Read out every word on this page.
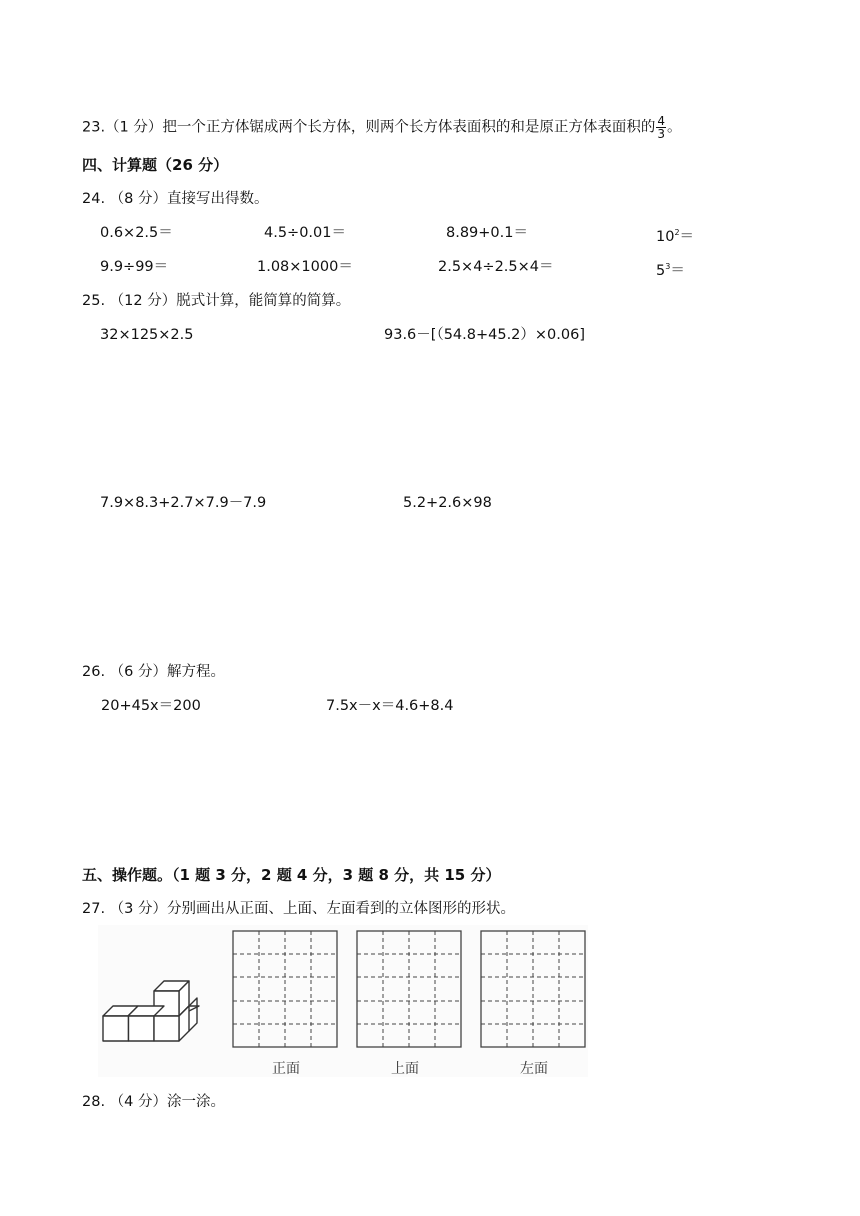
23.（1 分）把一个正方体锯成两个长方体，则两个长方体表面积的和是原正方体表面积的 $\frac{4}{3}$ 。
四、计算题（26 分）
24. （8 分）直接写出得数。
0.6×2.5＝	4.5÷0.01＝	8.89+0.1＝	$10^2=$
9.9÷99＝	1.08×1000＝	2.5×4÷2.5×4＝	$5^3=$
25. （12 分）脱式计算，能简算的简算。
32×125×2.5	93.6－[（54.8+45.2）×0.06]
7.9×8.3+2.7×7.9－7.9	5.2+2.6×98
26. （6 分）解方程。
20+45x＝200	7.5x－x＝4.6+8.4
五、操作题。（1 题 3 分，2 题 4 分，3 题 8 分，共 15 分）
27. （3 分）分别画出从正面、上面、左面看到的立体图形的形状。
正面	上面	左面
28. （4 分）涂一涂。
